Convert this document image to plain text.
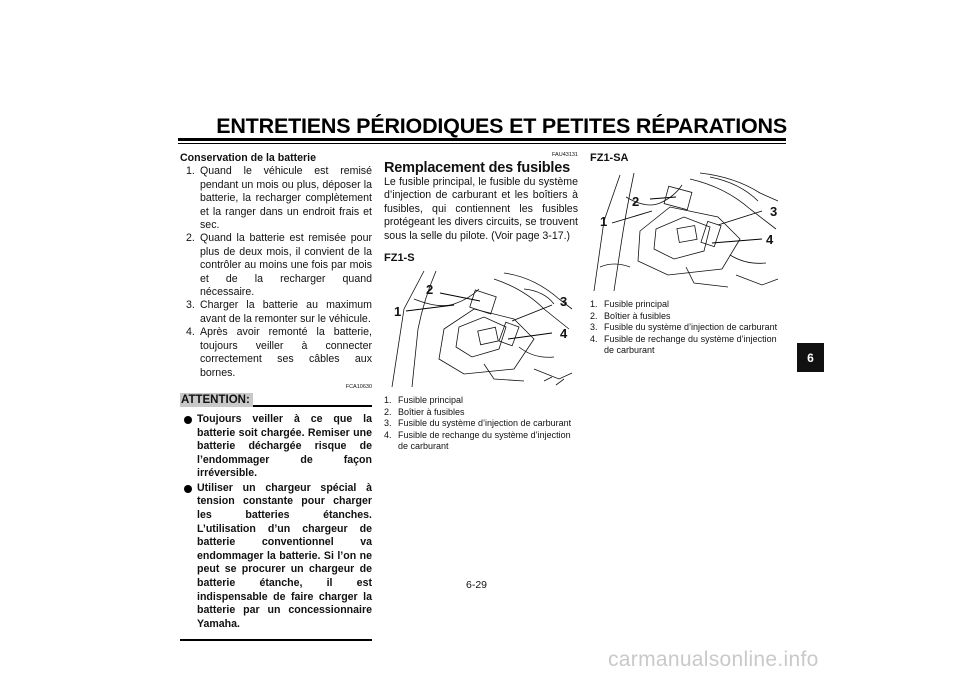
ENTRETIENS PÉRIODIQUES ET PETITES RÉPARATIONS
Conservation de la batterie
1. Quand le véhicule est remisé pendant un mois ou plus, déposer la batterie, la recharger complètement et la ranger dans un endroit frais et sec.
2. Quand la batterie est remisée pour plus de deux mois, il convient de la contrôler au moins une fois par mois et de la recharger quand nécessaire.
3. Charger la batterie au maximum avant de la remonter sur le véhicule.
4. Après avoir remonté la batterie, toujours veiller à connecter correctement ses câbles aux bornes.
FCA10630
ATTENTION:
Toujours veiller à ce que la batterie soit chargée. Remiser une batterie déchargée risque de l’endommager de façon irréversible.
Utiliser un chargeur spécial à tension constante pour charger les batteries étanches. L’utilisation d’un chargeur de batterie conventionnel va endommager la batterie. Si l’on ne peut se procurer un chargeur de batterie étanche, il est indispensable de faire charger la batterie par un concessionnaire Yamaha.
FAU43131
Remplacement des fusibles
Le fusible principal, le fusible du système d’injection de carburant et les boîtiers à fusibles, qui contiennent les fusibles protégeant les divers circuits, se trouvent sous la selle du pilote. (Voir page 3-17.)
FZ1-S
1
2
3
4
1. Fusible principal
2. Boîtier à fusibles
3. Fusible du système d’injection de carburant
4. Fusible de rechange du système d’injection de carburant
FZ1-SA
1
2
3
4
1. Fusible principal
2. Boîtier à fusibles
3. Fusible du système d’injection de carburant
4. Fusible de rechange du système d’injection de carburant
6-29
6
carmanualsonline.info
